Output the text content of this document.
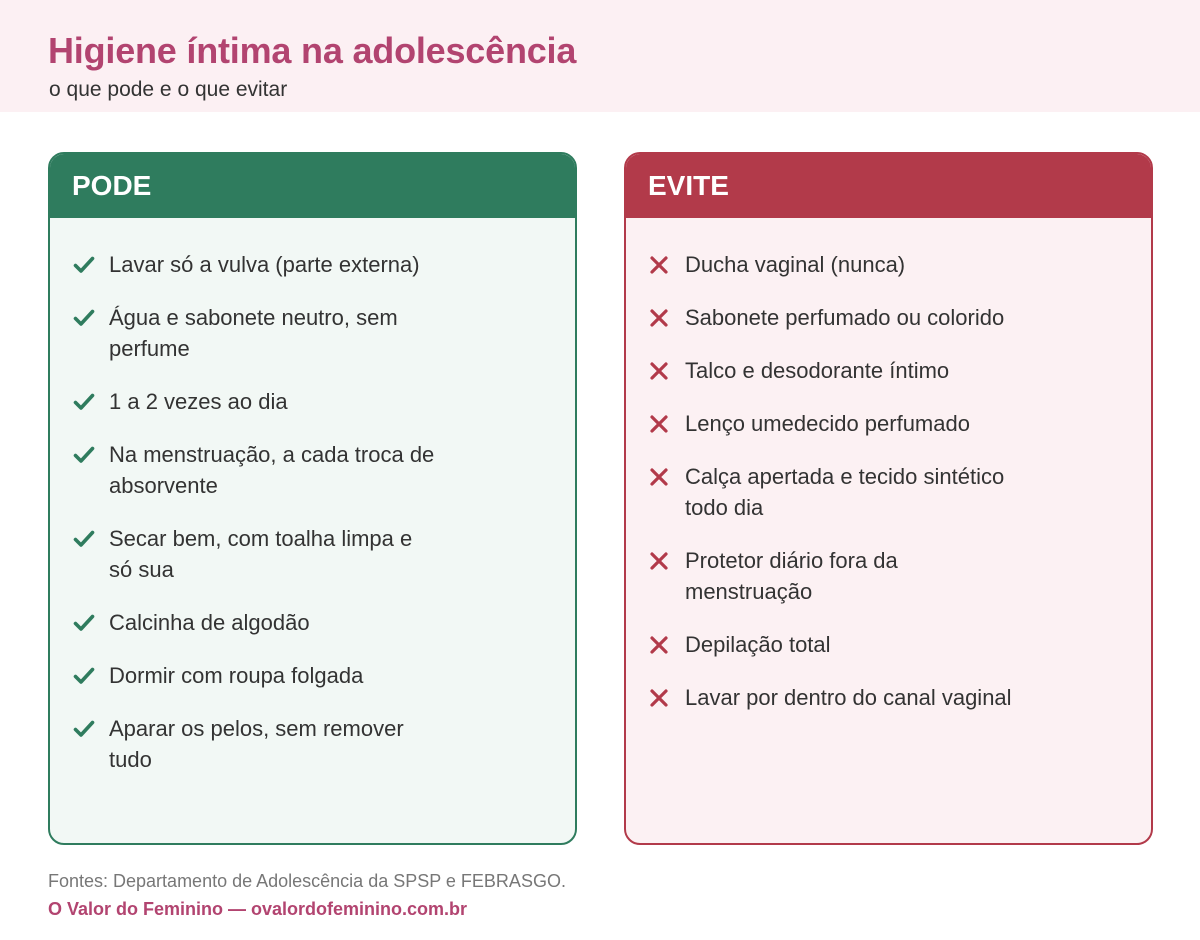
Higiene íntima na adolescência

o que pode e o que evitar

PODE
Lavar só a vulva (parte externa)
Água e sabonete neutro, sem perfume
1 a 2 vezes ao dia
Na menstruação, a cada troca de absorvente
Secar bem, com toalha limpa e só sua
Calcinha de algodão
Dormir com roupa folgada
Aparar os pelos, sem remover tudo
EVITE
Ducha vaginal (nunca)
Sabonete perfumado ou colorido
Talco e desodorante íntimo
Lenço umedecido perfumado
Calça apertada e tecido sintético todo dia
Protetor diário fora da menstruação
Depilação total
Lavar por dentro do canal vaginal

Fontes: Departamento de Adolescência da SPSP e FEBRASGO.

O Valor do Feminino — ovalordofeminino.com.br
